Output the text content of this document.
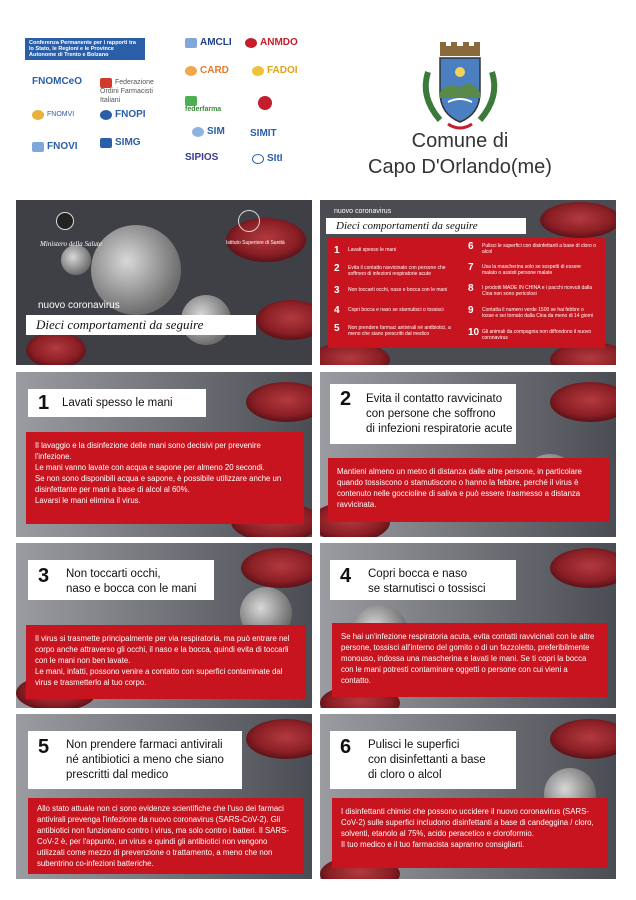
Conferenza Permanente per i rapporti tra lo Stato, le Regioni e le Province Autonome di Trento e Bolzano
AMCLI	ANMDO
FNOMCeO	Federazione Ordini Farmacisti Italiani
CARD	FADOI
FNOMVI	FNOPI	federfarma
FNOVI	SIMG
SIM	SIMIT
SIPIOS	SItI
Comune di
Capo D'Orlando(me)
Ministero della Salute	Istituto Superiore di Sanità
nuovo coronavirus
Dieci comportamenti da seguire
nuovo coronavirus
Dieci comportamenti da seguire
1 Lavati spesso le mani
2 Evita il contatto ravvicinato con persone che soffrono di infezioni respiratorie acute
3 Non toccarti occhi, naso e bocca con le mani
4 Copri bocca e naso se starnutisci o tossisci
5 Non prendere farmaci antivirali né antibiotici, a meno che siano prescritti dal medico
6 Pulisci le superfici con disinfettanti a base di cloro o alcol
7 Usa la mascherina solo se sospetti di essere malato o assisti persone malate
8 I prodotti MADE IN CHINA e i pacchi ricevuti dalla Cina non sono pericolosi
9 Contatta il numero verde 1500 se hai febbre o tosse e sei tornato dalla Cina da meno di 14 giorni
10 Gli animali da compagnia non diffondono il nuovo coronavirus
1 Lavati spesso le mani

Il lavaggio e la disinfezione delle mani sono decisivi per prevenire l'infezione.

Le mani vanno lavate con acqua e sapone per almeno 20 secondi.

Se non sono disponibili acqua e sapone, è possibile utilizzare anche un disinfettante per mani a base di alcol al 60%.

Lavarsi le mani elimina il virus.

2 Evita il contatto ravvicinato
con persone che soffrono
di infezioni respiratorie acute

Mantieni almeno un metro di distanza dalle altre persone, in particolare quando tossiscono o stamutiscono o hanno la febbre, perché il virus è contenuto nelle goccioline di saliva e può essere trasmesso a distanza ravvicinata.

3 Non toccarti occhi,
naso e bocca con le mani

Il virus si trasmette principalmente per via respiratoria, ma può entrare nel corpo anche attraverso gli occhi, il naso e la bocca, quindi evita di toccarli con le mani non ben lavate.

Le mani, infatti, possono venire a contatto con superfici contaminate dal virus e trasmetterlo al tuo corpo.

4 Copri bocca e naso
se starnutisci o tossisci

Se hai un'infezione respiratoria acuta, evita contatti ravvicinati con le altre persone, tossisci all'interno del gomito o di un fazzoletto, preferibilmente monouso, indossa una mascherina e lavati le mani. Se ti copri la bocca con le mani potresti contaminare oggetti o persone con cui vieni a contatto.

5 Non prendere farmaci antivirali
né antibiotici a meno che siano
prescritti dal medico

Allo stato attuale non ci sono evidenze scientifiche che l'uso dei farmaci antivirali prevenga l'infezione da nuovo coronavirus (SARS-CoV-2). Gli antibiotici non funzionano contro i virus, ma solo contro i batteri. Il SARS-CoV-2 è, per l'appunto, un virus e quindi gli antibiotici non vengono utilizzati come mezzo di prevenzione o trattamento, a meno che non subentrino co-infezioni batteriche.

6 Pulisci le superfici
con disinfettanti a base
di cloro o alcol

I disinfettanti chimici che possono uccidere il nuovo coronavirus (SARS-CoV-2) sulle superfici includono disinfettanti a base di candeggina / cloro, solventi, etanolo al 75%, acido peracetico e cloroformio.

Il tuo medico e il tuo farmacista sapranno consigliarti.
